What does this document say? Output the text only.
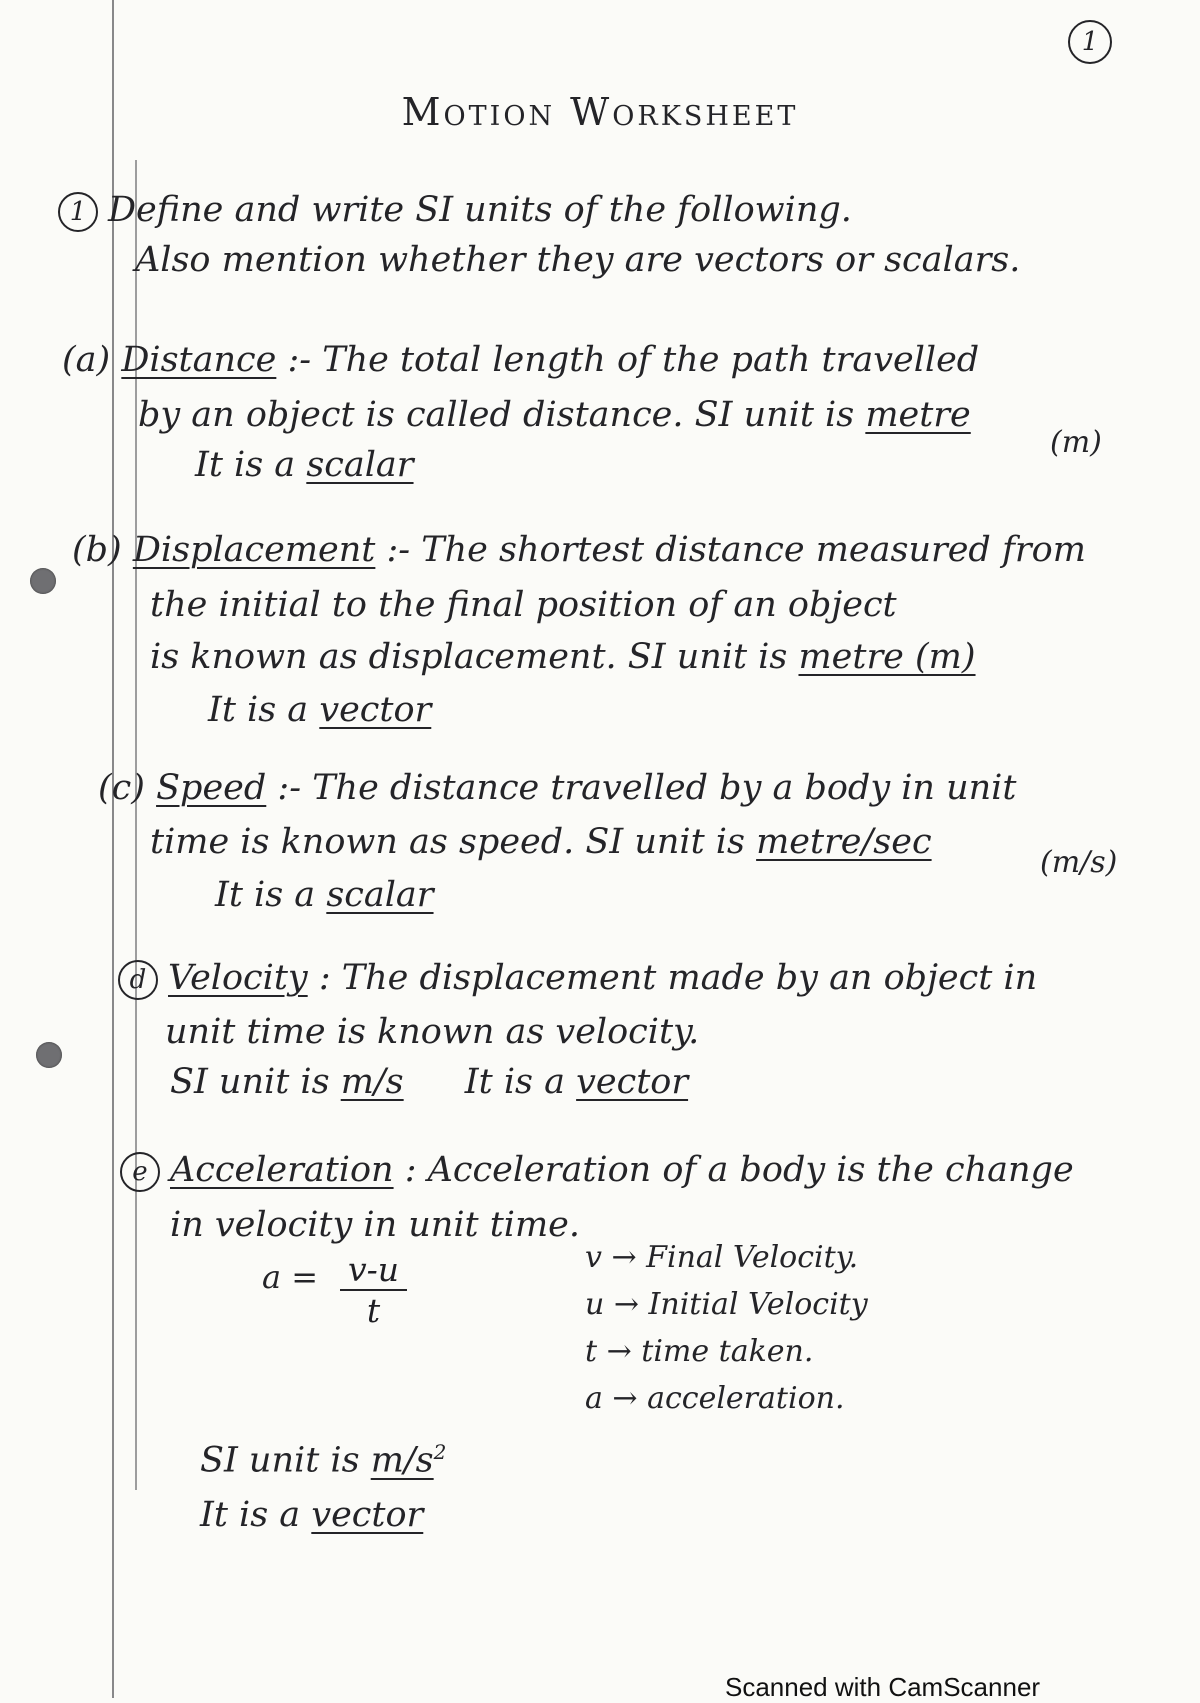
1
Motion Worksheet
1 Define and write SI units of the following.
Also mention whether they are vectors or scalars.
(a) Distance :- The total length of the path travelled
by an object is called distance. SI unit is metre
(m)
It is a scalar
(b) Displacement :- The shortest distance measured from
the initial to the final position of an object
is known as displacement. SI unit is metre (m)
It is a vector
(c) Speed :- The distance travelled by a body in unit
time is known as speed. SI unit is metre/sec
(m/s)
It is a scalar
d Velocity : The displacement made by an object in
unit time is known as velocity.
SI unit is m/s It is a vector
e Acceleration : Acceleration of a body is the change
in velocity in unit time.
$a = \frac{v-u}{t}$	v → Final Velocity.
u → Initial Velocity
t → time taken.
a → acceleration.
SI unit is $m/s^2$
It is a vector
Scanned with CamScanner
